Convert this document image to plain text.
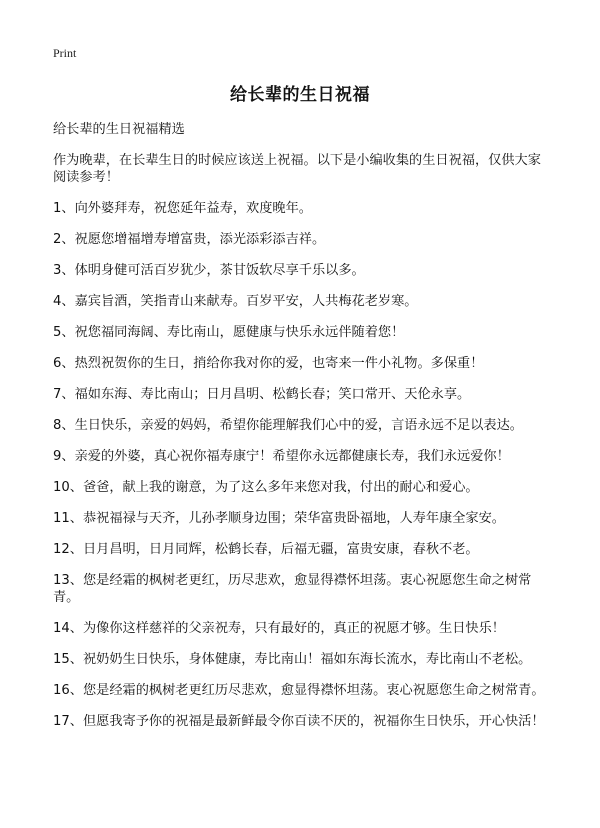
Print
给长辈的生日祝福
给长辈的生日祝福精选
作为晚辈，在长辈生日的时候应该送上祝福。以下是小编收集的生日祝福，仅供大家阅读参考！
1、向外婆拜寿，祝您延年益寿，欢度晚年。
2、祝愿您增福增寿增富贵，添光添彩添吉祥。
3、体明身健可活百岁犹少，茶甘饭软尽享千乐以多。
4、嘉宾旨酒，笑指青山来献寿。百岁平安，人共梅花老岁寒。
5、祝您福同海阔、寿比南山，愿健康与快乐永远伴随着您！
6、热烈祝贺你的生日，捎给你我对你的爱，也寄来一件小礼物。多保重！
7、福如东海、寿比南山；日月昌明、松鹤长春；笑口常开、天伦永享。
8、生日快乐，亲爱的妈妈，希望你能理解我们心中的爱，言语永远不足以表达。
9、亲爱的外婆，真心祝你福寿康宁！希望你永远都健康长寿，我们永远爱你！
10、爸爸，献上我的谢意，为了这么多年来您对我，付出的耐心和爱心。
11、恭祝福禄与天齐，儿孙孝顺身边围；荣华富贵卧福地，人寿年康全家安。
12、日月昌明，日月同辉，松鹤长春，后福无疆，富贵安康，春秋不老。
13、您是经霜的枫树老更红，历尽悲欢，愈显得襟怀坦荡。衷心祝愿您生命之树常青。
14、为像你这样慈祥的父亲祝寿，只有最好的，真正的祝愿才够。生日快乐！
15、祝奶奶生日快乐，身体健康，寿比南山！福如东海长流水，寿比南山不老松。
16、您是经霜的枫树老更红历尽悲欢，愈显得襟怀坦荡。衷心祝愿您生命之树常青。
17、但愿我寄予你的祝福是最新鲜最令你百读不厌的，祝福你生日快乐，开心快活！
